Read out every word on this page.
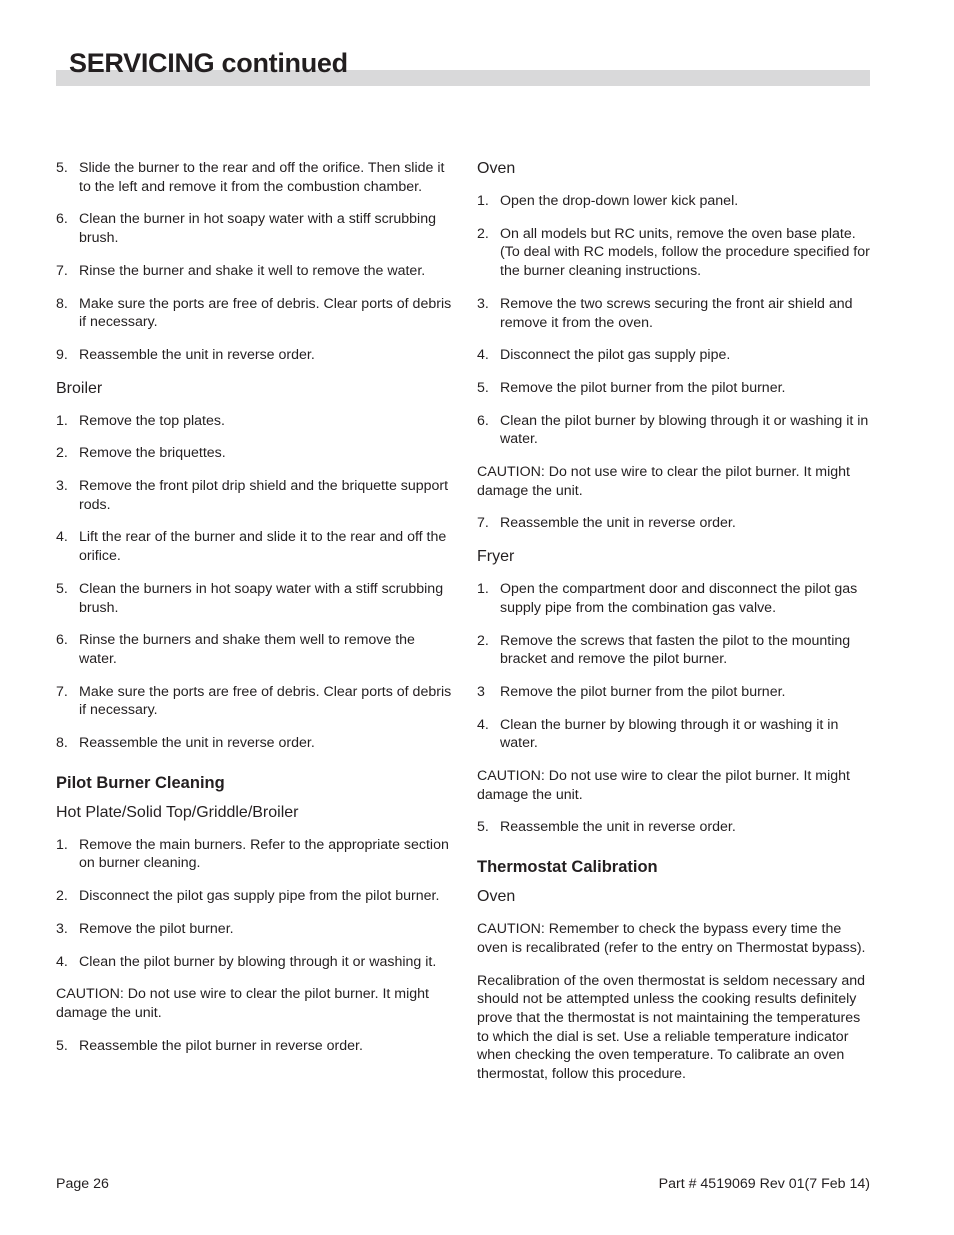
SERVICING continued
5. Slide the burner to the rear and off the orifice. Then slide it to the left and remove it from the combustion chamber.
6. Clean the burner in hot soapy water with a stiff scrubbing brush.
7. Rinse the burner and shake it well to remove the water.
8. Make sure the ports are free of debris. Clear ports of debris if necessary.
9. Reassemble the unit in reverse order.
Broiler
1. Remove the top plates.
2. Remove the briquettes.
3. Remove the front pilot drip shield and the briquette support rods.
4. Lift the rear of the burner and slide it to the rear and off the orifice.
5. Clean the burners in hot soapy water with a stiff scrubbing brush.
6. Rinse the burners and shake them well to remove the water.
7. Make sure the ports are free of debris. Clear ports of debris if necessary.
8. Reassemble the unit in reverse order.
Pilot Burner Cleaning
Hot Plate/Solid Top/Griddle/Broiler
1. Remove the main burners. Refer to the appropriate section on burner cleaning.
2. Disconnect the pilot gas supply pipe from the pilot burner.
3. Remove the pilot burner.
4. Clean the pilot burner by blowing through it or washing it.
CAUTION: Do not use wire to clear the pilot burner. It might damage the unit.
5. Reassemble the pilot burner in reverse order.
Oven
1. Open the drop-down lower kick panel.
2. On all models but RC units, remove the oven base plate. (To deal with RC models, follow the procedure specified for the burner cleaning instructions.
3. Remove the two screws securing the front air shield and remove it from the oven.
4. Disconnect the pilot gas supply pipe.
5. Remove the pilot burner from the pilot burner.
6. Clean the pilot burner by blowing through it or washing it in water.
CAUTION: Do not use wire to clear the pilot burner. It might damage the unit.
7. Reassemble the unit in reverse order.
Fryer
1. Open the compartment door and disconnect the pilot gas supply pipe from the combination gas valve.
2. Remove the screws that fasten the pilot to the mounting bracket and remove the pilot burner.
3 Remove the pilot burner from the pilot burner.
4. Clean the burner by blowing through it or washing it in water.
CAUTION: Do not use wire to clear the pilot burner. It might damage the unit.
5. Reassemble the unit in reverse order.
Thermostat Calibration
Oven
CAUTION: Remember to check the bypass every time the oven is recalibrated (refer to the entry on Thermostat bypass).
Recalibration of the oven thermostat is seldom necessary and should not be attempted unless the cooking results definitely prove that the thermostat is not maintaining the temperatures to which the dial is set. Use a reliable temperature indicator when checking the oven temperature. To calibrate an oven thermostat, follow this procedure.
Page 26	Part # 4519069 Rev 01(7 Feb 14)
